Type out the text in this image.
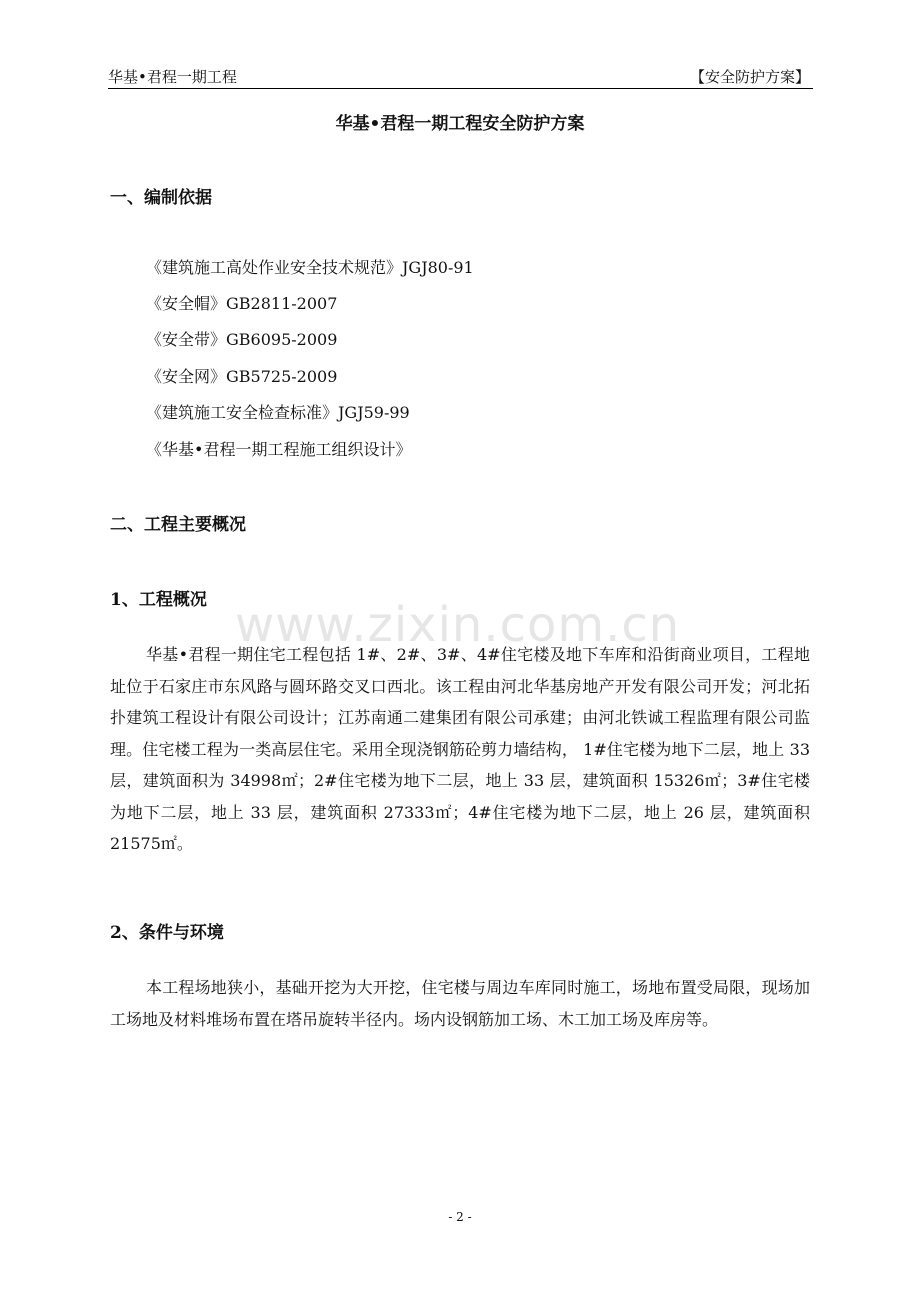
www.zixin.com.cn
华基•君程一期工程	【安全防护方案】
华基•君程一期工程安全防护方案
一、编制依据
《建筑施工高处作业安全技术规范》JGJ80-91
《安全帽》GB2811-2007
《安全带》GB6095-2009
《安全网》GB5725-2009
《建筑施工安全检查标准》JGJ59-99
《华基•君程一期工程施工组织设计》
二、工程主要概况
1、工程概况
华基•君程一期住宅工程包括 1#、2#、3#、4#住宅楼及地下车库和沿街商业项目，工程地址位于石家庄市东风路与圆环路交叉口西北。该工程由河北华基房地产开发有限公司开发；河北拓扑建筑工程设计有限公司设计；江苏南通二建集团有限公司承建；由河北铁诚工程监理有限公司监理。住宅楼工程为一类高层住宅。采用全现浇钢筋砼剪力墙结构， 1#住宅楼为地下二层，地上 33 层，建筑面积为 34998㎡；2#住宅楼为地下二层，地上 33 层，建筑面积 15326㎡；3#住宅楼为地下二层，地上 33 层，建筑面积 27333㎡；4#住宅楼为地下二层，地上 26 层，建筑面积 21575㎡。
2、条件与环境
本工程场地狭小，基础开挖为大开挖，住宅楼与周边车库同时施工，场地布置受局限，现场加工场地及材料堆场布置在塔吊旋转半径内。场内设钢筋加工场、木工加工场及库房等。
- 2 -
